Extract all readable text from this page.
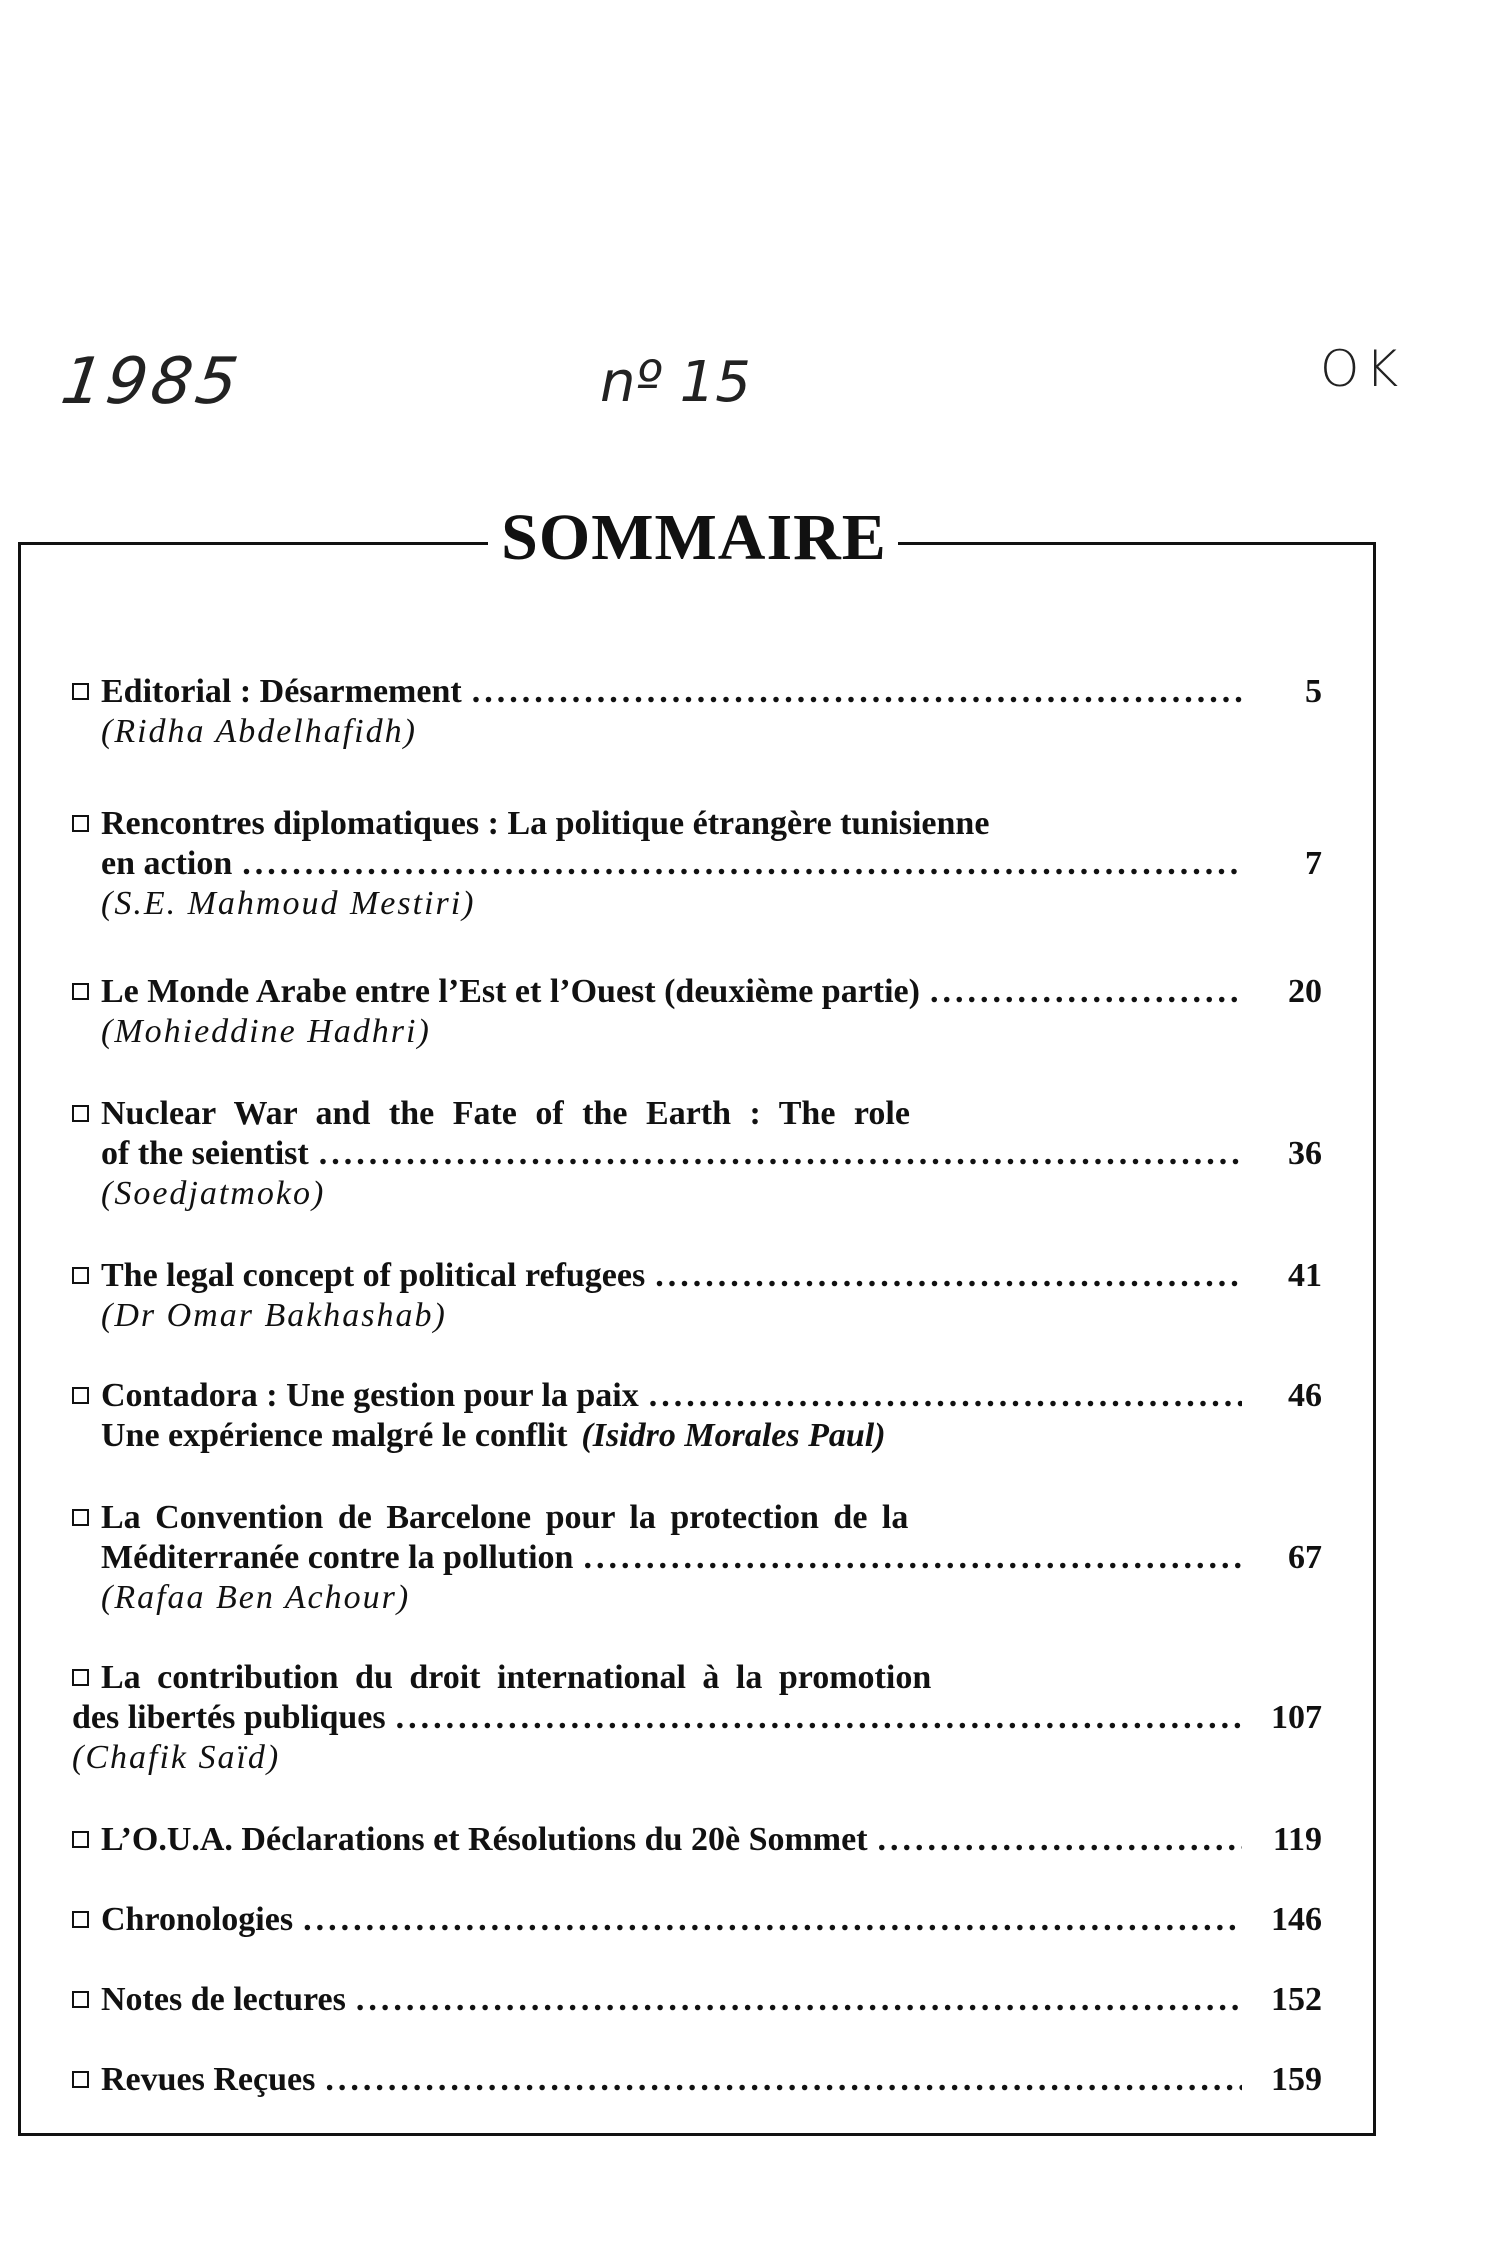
1985	nº 15	OK
SOMMAIRE
Editorial : Désarmement .....	5
(Ridha Abdelhafidh)
Rencontres diplomatiques : La politique étrangère tunisienne
en action .....	7
(S.E. Mahmoud Mestiri)
Le Monde Arabe entre l’Est et l’Ouest (deuxième partie) .....	20
(Mohieddine Hadhri)
Nuclear War and the Fate of the Earth : The role
of the seientist .....	36
(Soedjatmoko)
The legal concept of political refugees .....	41
(Dr Omar Bakhashab)
Contadora : Une gestion pour la paix .....	46
Une expérience malgré le conflit (Isidro Morales Paul)
La Convention de Barcelone pour la protection de la
Méditerranée contre la pollution .....	67
(Rafaa Ben Achour)
La contribution du droit international à la promotion
des libertés publiques .....	107
(Chafik Saïd)
L’O.U.A. Déclarations et Résolutions du 20è Sommet .....	119
Chronologies .....	146
Notes de lectures .....	152
Revues Reçues .....	159
